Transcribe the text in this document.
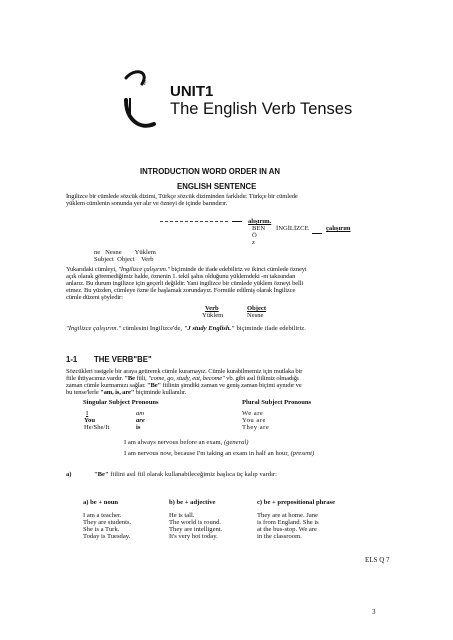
i UNIT1
The English Verb Tenses
INTRODUCTION WORD ORDER IN AN
ENGLISH SENTENCE
İngilizce bir cümlede sözcük dizimi, Türkçe sözcük diziminden farklıdır. Türkçe bir cümlede
yüklem cümlenin sonunda yer alır ve özneyi de içinde barındırır.
alışırım.
BEN İNGİLİZCE	çalışırım
Ö
z
ne   Nesne        Yüklem
Subject  Object    Verb
Yukarıdaki cümleyi, "İngilizce çalışırım." biçiminde de ifade edebiliriz ve ikinci cümlede özneyi
açık olarak göremediğimiz halde, öznenin 1. tekil şahıs olduğunu yüklemdeki -m takısından
anlarız. Bu durum ingilizce için geçerli değildir. Yani ingilizce bir cümlede yüklem özneyi belli
etmez. Bu yüzden, cümleye özne ile başlamak zorundayız. Formüle edilmiş olarak İngilizce
cümle düzeni şöyledir:
Verb	Object
Yüklem	Nesne
"İngilizce çalışırım." cümlesini İngilizce'de, "J study English." biçiminde ifade edebiliriz.
1-1 THE VERB"BE"
Sözcükleri rastgele bir araya getirerek cümle kuramayız. Cümle kurabilmemiz için mutlaka bir
fiile ihtiyacımız vardır. "Be fiili, "come, go, study, eat, become" vb. gibi asıl fiilimiz olmadığı
zaman cümle kurmamızı sağlar. "Be" fiilinin şimdiki zaman ve geniş zaman biçimi aynıdır ve
bu tense'lerle "am, is, are" biçiminde kullanılır.
Singular Subject Pronouns	Plural Subject Pronouns
I	am	We are
You	are	You are
He/She/It	is	They are
I am always nervous before an exam, (general)
I am nervous now, because I'm taking an exam in half an hour, (present)
a)	"Be" fiilini asıl fiil olarak kullanabileceğimiz başlıca üç kalıp vardır:
a) be + noun	b) be + adjective	c) be + prepositional phrase
I am a teacher.	He is tall.	They are at home. Jane
They are students.	The world is round.	is from England. She is
She is a Turk.	They are intelligent.	at the bus-stop. We are
Today is Tuesday.	It's very hot today.	in the classroom.
ELS Q 7
3
